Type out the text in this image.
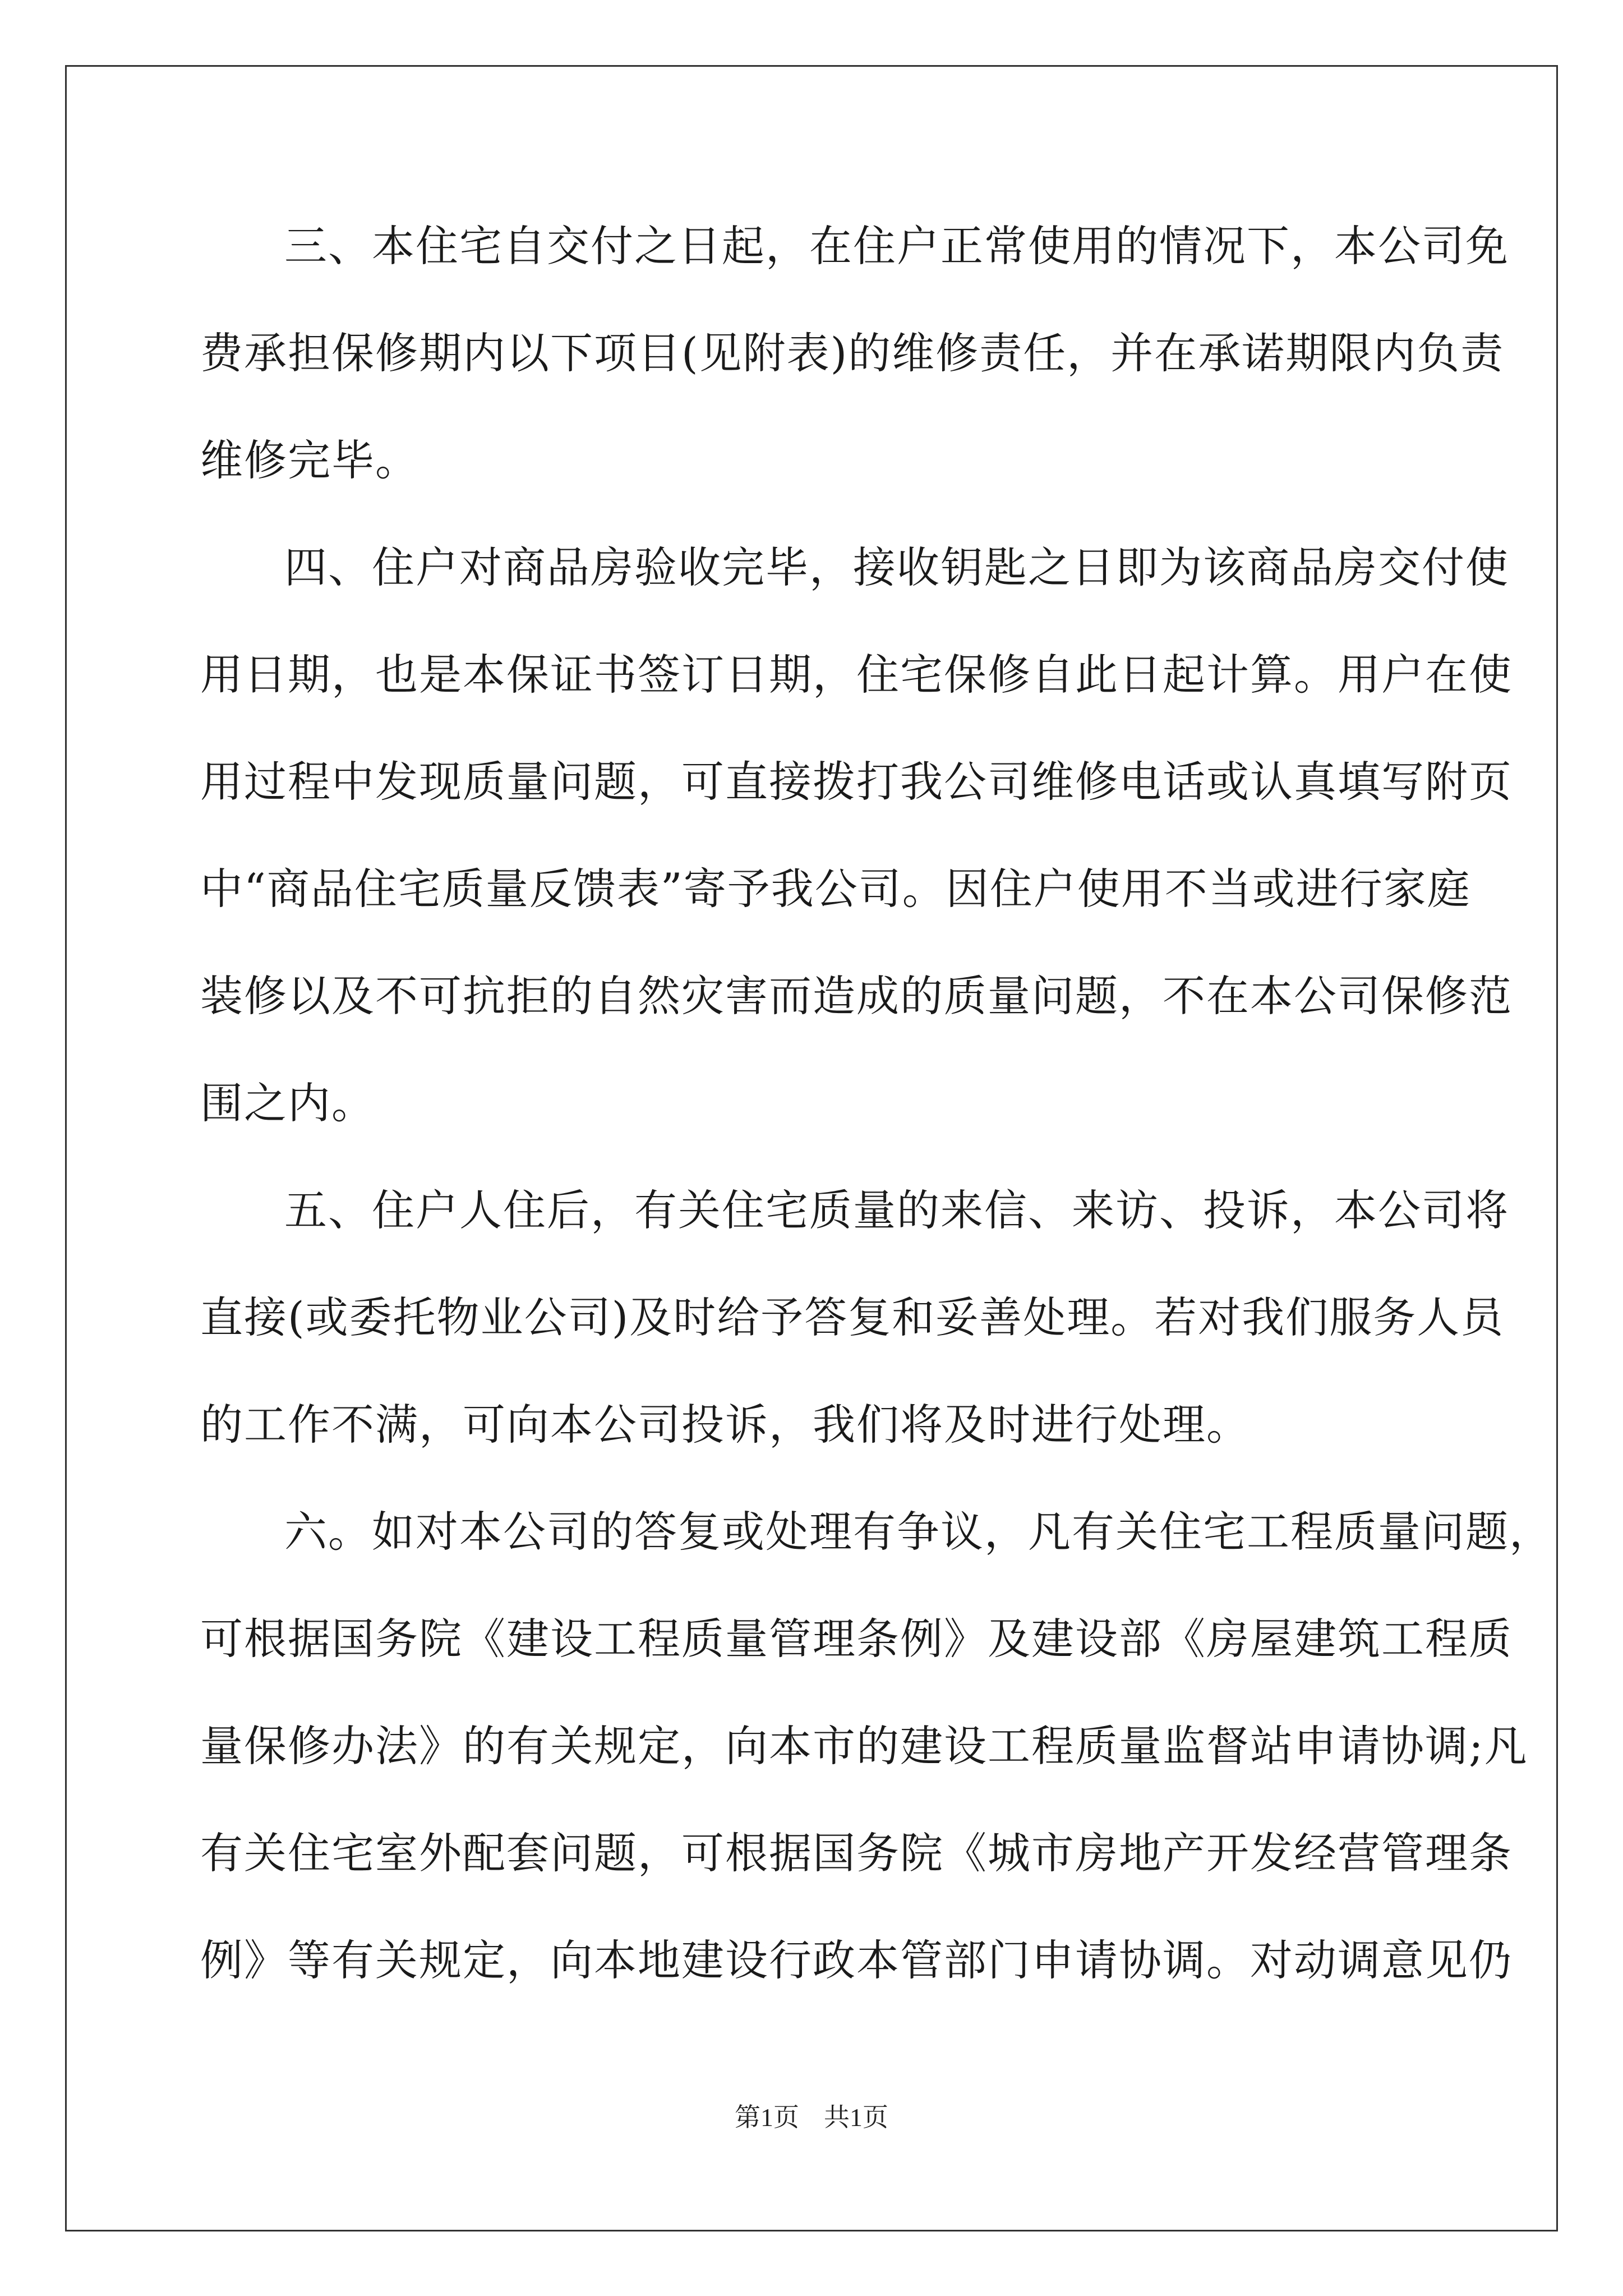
三、本住宅自交付之日起，在住户正常使用的情况下，本公司免
费承担保修期内以下项目(见附表)的维修责任，并在承诺期限内负责
维修完毕。
四、住户对商品房验收完毕，接收钥匙之日即为该商品房交付使
用日期，也是本保证书签订日期，住宅保修自此日起计算。用户在使
用过程中发现质量问题，可直接拨打我公司维修电话或认真填写附页
中“商品住宅质量反馈表”寄予我公司。因住户使用不当或进行家庭
装修以及不可抗拒的自然灾害而造成的质量问题，不在本公司保修范
围之内。
五、住户人住后，有关住宅质量的来信、来访、投诉，本公司将
直接(或委托物业公司)及时给予答复和妥善处理。若对我们服务人员
的工作不满，可向本公司投诉，我们将及时进行处理。
六。如对本公司的答复或处理有争议，凡有关住宅工程质量问题，
可根据国务院《建设工程质量管理条例》及建设部《房屋建筑工程质
量保修办法》的有关规定，向本市的建设工程质量监督站申请协调;凡
有关住宅室外配套问题，可根据国务院《城市房地产开发经营管理条
例》等有关规定，向本地建设行政本管部门申请协调。对动调意见仍
第1页 共1页
